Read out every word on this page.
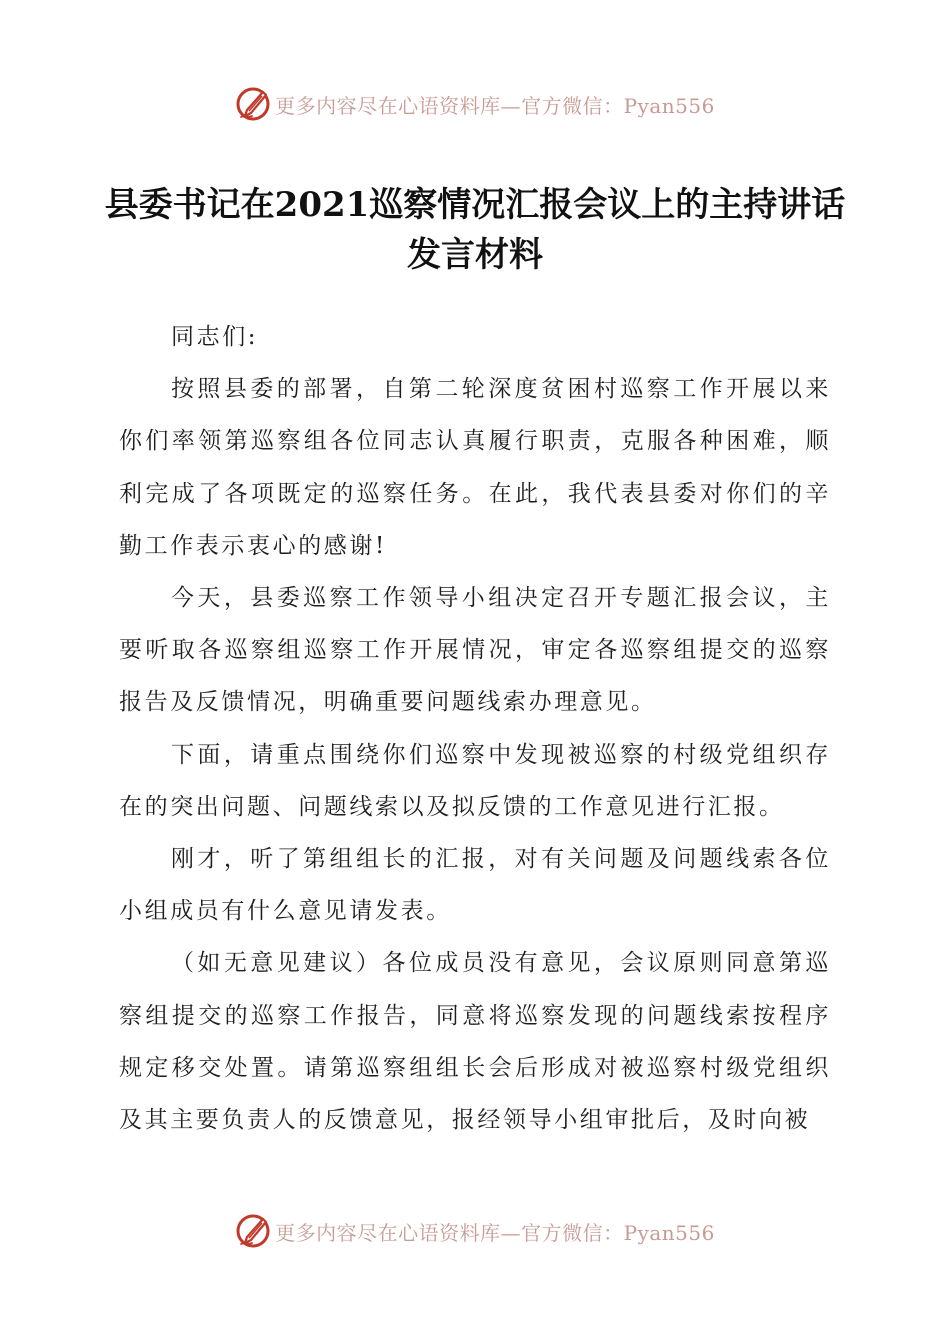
更多内容尽在心语资料库—官方微信：Pyan556
县委书记在2021巡察情况汇报会议上的主持讲话发言材料

同志们:

按照县委的部署，自第二轮深度贫困村巡察工作开展以来你们率领第巡察组各位同志认真履行职责，克服各种困难，顺利完成了各项既定的巡察任务。在此，我代表县委对你们的辛勤工作表示衷心的感谢!

今天，县委巡察工作领导小组决定召开专题汇报会议，主要听取各巡察组巡察工作开展情况，审定各巡察组提交的巡察报告及反馈情况，明确重要问题线索办理意见。

下面，请重点围绕你们巡察中发现被巡察的村级党组织存在的突出问题、问题线索以及拟反馈的工作意见进行汇报。

刚才，听了第组组长的汇报，对有关问题及问题线索各位小组成员有什么意见请发表。

（如无意见建议）各位成员没有意见，会议原则同意第巡察组提交的巡察工作报告，同意将巡察发现的问题线索按程序规定移交处置。请第巡察组组长会后形成对被巡察村级党组织及其主要负责人的反馈意见，报经领导小组审批后，及时向被

更多内容尽在心语资料库—官方微信：Pyan556
